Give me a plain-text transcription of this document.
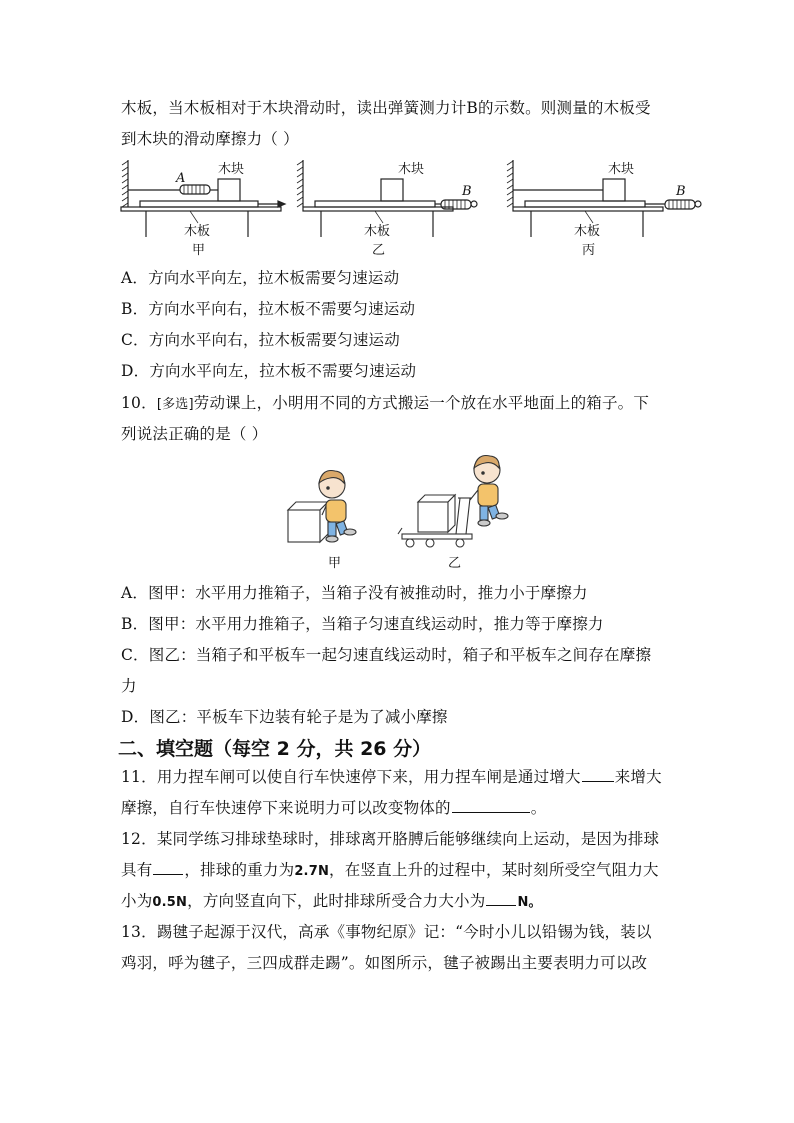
木板，当木板相对于木块滑动时，读出弹簧测力计B的示数。则测量的木板受
到木块的滑动摩擦力（ ）
木块
A
木板
甲
木块
B
木板
乙
木块
B
木板
丙
A．方向水平向左，拉木板需要匀速运动
B．方向水平向右，拉木板不需要匀速运动
C．方向水平向右，拉木板需要匀速运动
D．方向水平向左，拉木板不需要匀速运动
10．[多选]劳动课上，小明用不同的方式搬运一个放在水平地面上的箱子。下
列说法正确的是（ ）
甲	乙
A．图甲：水平用力推箱子，当箱子没有被推动时，推力小于摩擦力
B．图甲：水平用力推箱子，当箱子匀速直线运动时，推力等于摩擦力
C．图乙：当箱子和平板车一起匀速直线运动时，箱子和平板车之间存在摩擦
力
D．图乙：平板车下边装有轮子是为了减小摩擦
二、填空题（每空 2 分，共 26 分）
11．用力捏车闸可以使自行车快速停下来，用力捏车闸是通过增大 来增大
摩擦，自行车快速停下来说明力可以改变物体的	。
12．某同学练习排球垫球时，排球离开胳膊后能够继续向上运动，是因为排球
具有 ，排球的重力为2.7N，在竖直上升的过程中，某时刻所受空气阻力大
小为0.5N，方向竖直向下，此时排球所受合力大小为 N。
13．踢毽子起源于汉代，高承《事物纪原》记：“今时小儿以铅锡为钱，装以
鸡羽，呼为毽子，三四成群走踢”。如图所示，毽子被踢出主要表明力可以改
